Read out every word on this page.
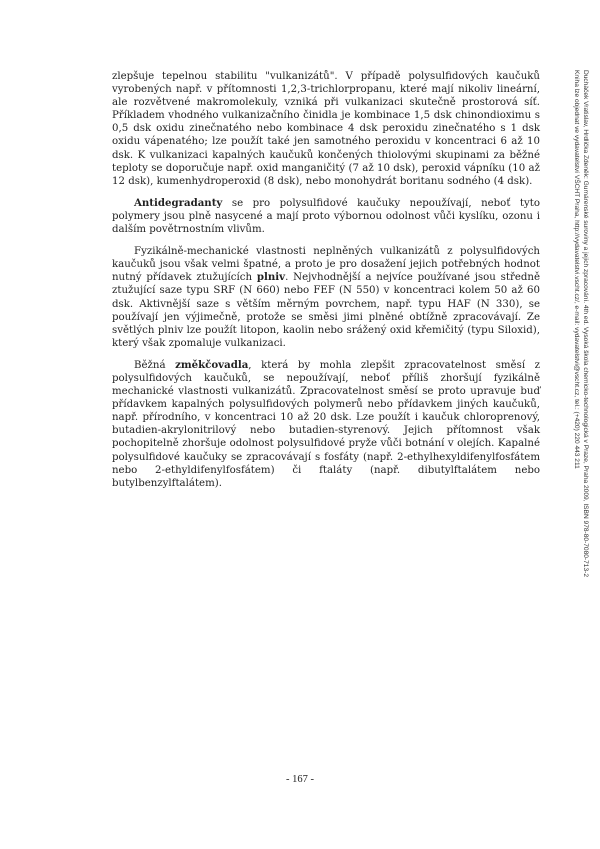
zlepšuje tepelnou stabilitu "vulkanizátů". V případě polysulfidových kaučuků vyrobených např. v přítomnosti 1,2,3-trichlorpropanu, které mají nikoliv lineární, ale rozvětvené makromolekuly, vzniká při vulkanizaci skutečně prostorová síť. Příkladem vhodného vulkanizačního činidla je kombinace 1,5 dsk chinondioximu s 0,5 dsk oxidu zinečnatého nebo kombinace 4 dsk peroxidu zinečnatého s 1 dsk oxidu vápenatého; lze použít také jen samotného peroxidu v koncentraci 6 až 10 dsk. K vulkanizaci kapalných kaučuků končených thiolovými skupinami za běžné teploty se doporučuje např. oxid manganičitý (7 až 10 dsk), peroxid vápníku (10 až 12 dsk), kumenhydroperoxid (8 dsk), nebo monohydrát boritanu sodného (4 dsk).

Antidegradanty se pro polysulfidové kaučuky nepoužívají, neboť tyto polymery jsou plně nasycené a mají proto výbornou odolnost vůči kyslíku, ozonu i dalším povětrnostním vlivům.

Fyzikálně-mechanické vlastnosti neplněných vulkanizátů z polysulfidových kaučuků jsou však velmi špatné, a proto je pro dosažení jejich potřebných hodnot nutný přídavek ztužujících plniv. Nejvhodnější a nejvíce používané jsou středně ztužující saze typu SRF (N 660) nebo FEF (N 550) v koncentraci kolem 50 až 60 dsk. Aktivnější saze s větším měrným povrchem, např. typu HAF (N 330), se používají jen výjimečně, protože se směsi jimi plněné obtížně zpracovávají. Ze světlých plniv lze použít litopon, kaolin nebo srážený oxid křemičitý (typu Siloxid), který však zpomaluje vulkanizaci.

Běžná změkčovadla, která by mohla zlepšit zpracovatelnost směsí z polysulfidových kaučuků, se nepoužívají, neboť příliš zhoršují fyzikálně mechanické vlastnosti vulkanizátů. Zpracovatelnost směsí se proto upravuje buď přídavkem kapalných polysulfidových polymerů nebo přídavkem jiných kaučuků, např. přírodního, v koncentraci 10 až 20 dsk. Lze použít i kaučuk chloroprenový, butadien-akrylonitrilový nebo butadien-styrenový. Jejich přítomnost však pochopitelně zhoršuje odolnost polysulfidové pryže vůči botnání v olejích. Kapalné polysulfidové kaučuky se zpracovávají s fosfáty (např. 2-ethylhexyldifenylfosfátem nebo 2-ethyldifenylfosfátem) či ftaláty (např. dibutylftalátem nebo butylbenzylftalátem).

- 167 -
Duchàček Vratislav, Hrdlička Zdeněk: Gumárenské suroviny a jejich zpracování. 4th ed. Vysoká škola chemicko-technologická v Praze, Praha 2009, ISBN 978-80-7080-713-2
Kniha lze objednat ve vydavatelství VŠCHT Praha, http://vydavatelstvi.vscht.cz/, e-mail: vydavatelstvi@vscht.cz, tel.: (+420) 220 443 211
